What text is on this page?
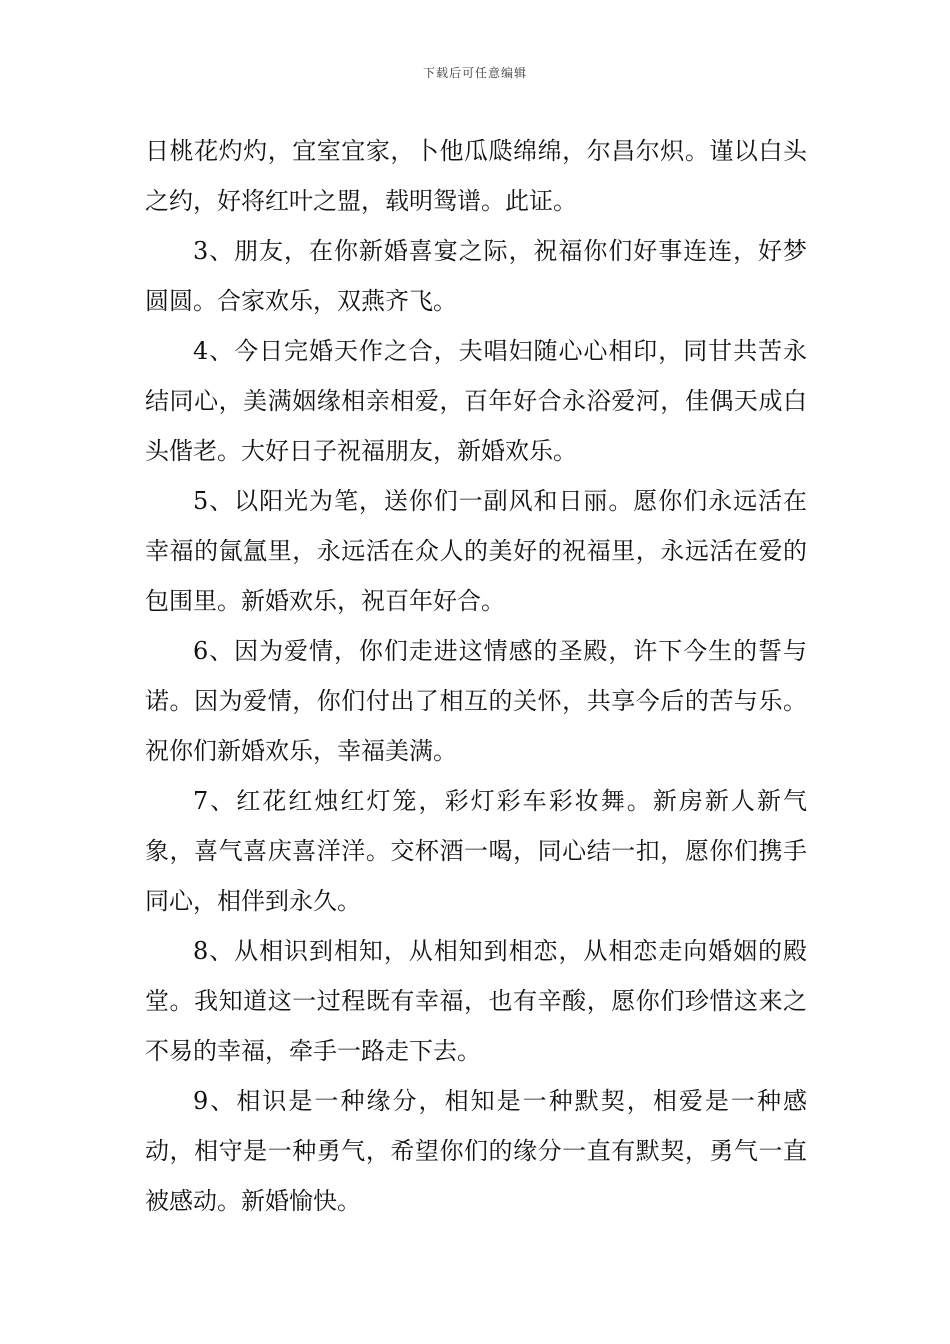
下载后可任意编辑

日桃花灼灼，宜室宜家，卜他瓜瓞绵绵，尔昌尔炽。谨以白头之约，好将红叶之盟，载明鸳谱。此证。

3、朋友，在你新婚喜宴之际，祝福你们好事连连，好梦圆圆。合家欢乐，双燕齐飞。

4、今日完婚天作之合，夫唱妇随心心相印，同甘共苦永结同心，美满姻缘相亲相爱，百年好合永浴爱河，佳偶天成白头偕老。大好日子祝福朋友，新婚欢乐。

5、以阳光为笔，送你们一副风和日丽。愿你们永远活在幸福的氤氲里，永远活在众人的美好的祝福里，永远活在爱的包围里。新婚欢乐，祝百年好合。

6、因为爱情，你们走进这情感的圣殿，许下今生的誓与诺。因为爱情，你们付出了相互的关怀，共享今后的苦与乐。祝你们新婚欢乐，幸福美满。

7、红花红烛红灯笼，彩灯彩车彩妆舞。新房新人新气象，喜气喜庆喜洋洋。交杯酒一喝，同心结一扣，愿你们携手同心，相伴到永久。

8、从相识到相知，从相知到相恋，从相恋走向婚姻的殿堂。我知道这一过程既有幸福，也有辛酸，愿你们珍惜这来之不易的幸福，牵手一路走下去。

9、相识是一种缘分，相知是一种默契，相爱是一种感动，相守是一种勇气，希望你们的缘分一直有默契，勇气一直被感动。新婚愉快。
